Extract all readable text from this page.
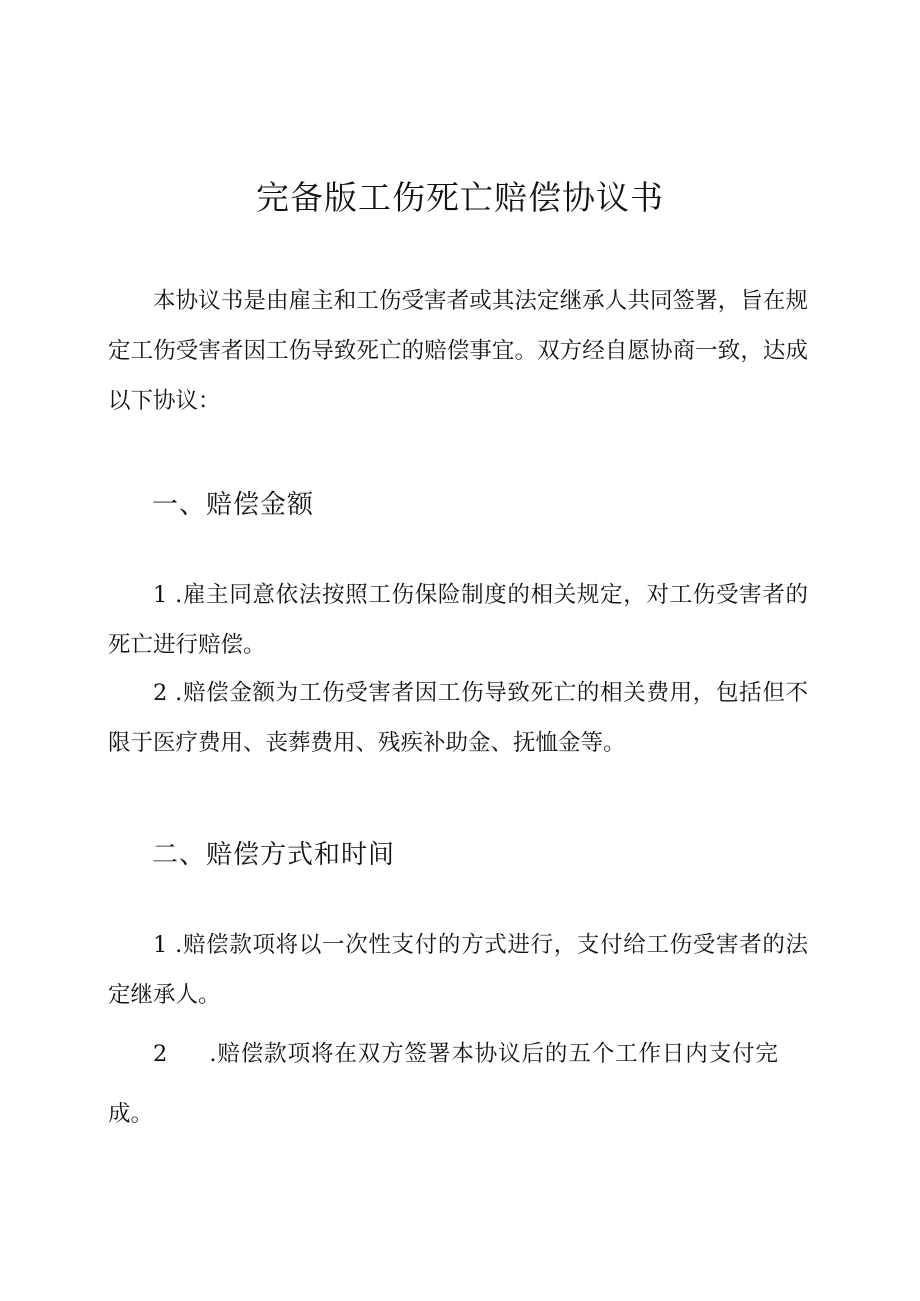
完备版工伤死亡赔偿协议书

本协议书是由雇主和工伤受害者或其法定继承人共同签署，旨在规定工伤受害者因工伤导致死亡的赔偿事宜。双方经自愿协商一致，达成以下协议：

一、赔偿金额

1 .雇主同意依法按照工伤保险制度的相关规定，对工伤受害者的死亡进行赔偿。

2 .赔偿金额为工伤受害者因工伤导致死亡的相关费用，包括但不限于医疗费用、丧葬费用、残疾补助金、抚恤金等。

二、赔偿方式和时间

1 .赔偿款项将以一次性支付的方式进行，支付给工伤受害者的法定继承人。

2 .赔偿款项将在双方签署本协议后的五个工作日内支付完成。
